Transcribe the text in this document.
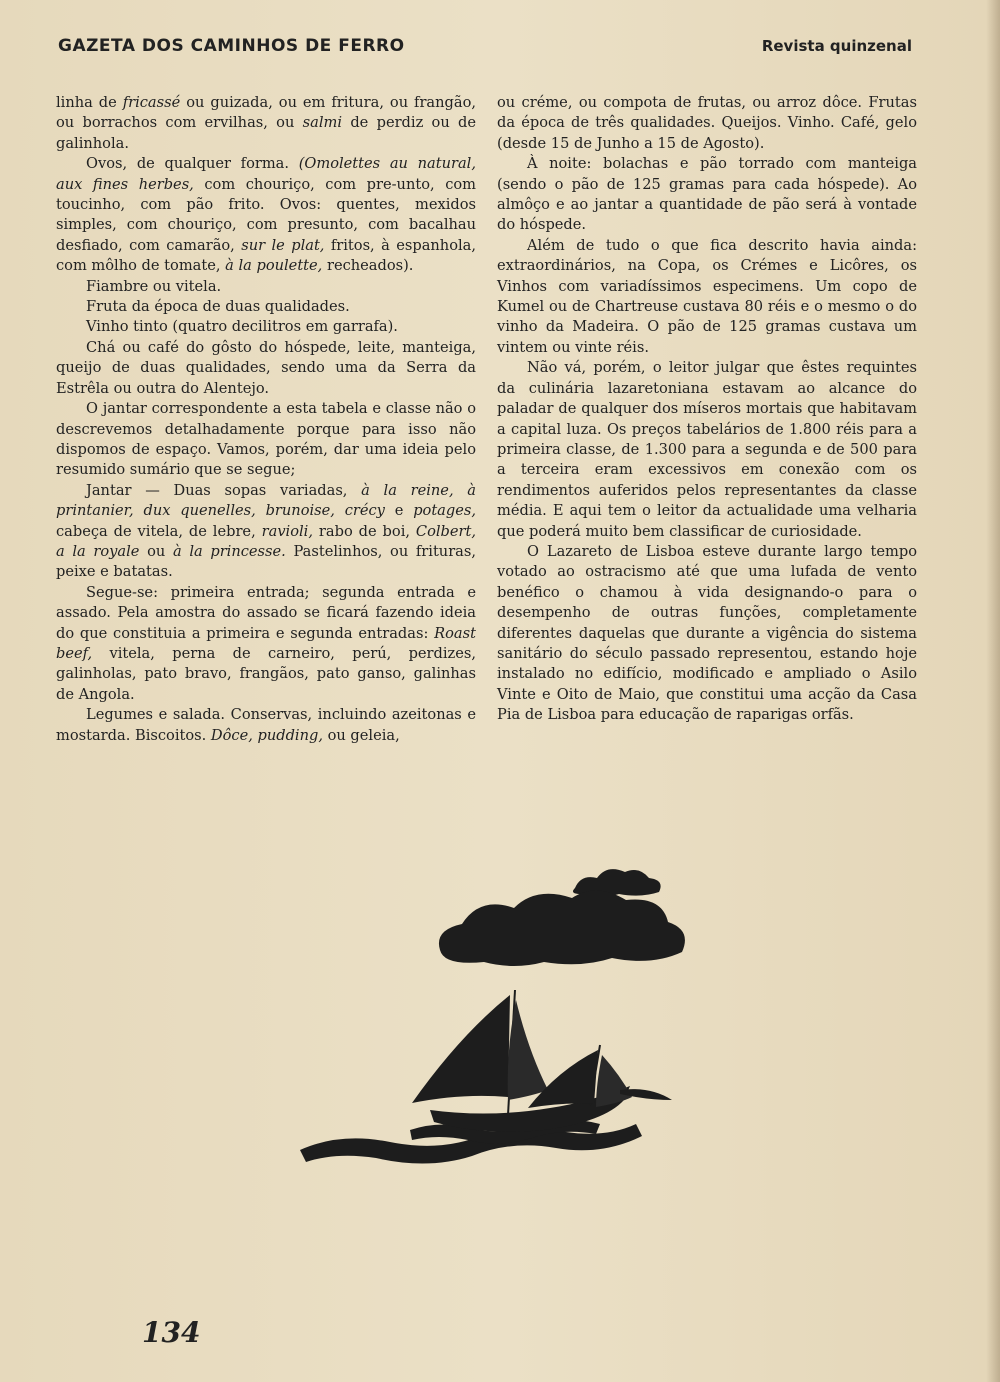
GAZETA DOS CAMINHOS DE FERRO	Revista quinzenal

linha de fricassé ou guizada, ou em fritura, ou frangão, ou borrachos com ervilhas, ou salmi de perdiz ou de galinhola.

Ovos, de qualquer forma. (Omolettes au natural, aux fines herbes, com chouriço, com pre-unto, com toucinho, com pão frito. Ovos: quentes, mexidos simples, com chouriço, com presunto, com bacalhau desfiado, com camarão, sur le plat, fritos, à espanhola, com môlho de tomate, à la poulette, recheados).

Fiambre ou vitela.

Fruta da época de duas qualidades.

Vinho tinto (quatro decilitros em garrafa).

Chá ou café do gôsto do hóspede, leite, manteiga, queijo de duas qualidades, sendo uma da Serra da Estrêla ou outra do Alentejo.

O jantar correspondente a esta tabela e classe não o descrevemos detalhadamente porque para isso não dispomos de espaço. Vamos, porém, dar uma ideia pelo resumido sumário que se segue;

Jantar — Duas sopas variadas, à la reine, à printanier, dux quenelles, brunoise, crécy e potages, cabeça de vitela, de lebre, ravioli, rabo de boi, Colbert, a la royale ou à la princesse. Pastelinhos, ou frituras, peixe e batatas.

Segue-se: primeira entrada; segunda entrada e assado. Pela amostra do assado se ficará fazendo ideia do que constituia a primeira e segunda entradas: Roast beef, vitela, perna de carneiro, perú, perdizes, galinholas, pato bravo, frangãos, pato ganso, galinhas de Angola.

Legumes e salada. Conservas, incluindo azeitonas e mostarda. Biscoitos. Dôce, pudding, ou geleia,

ou créme, ou compota de frutas, ou arroz dôce. Frutas da época de três qualidades. Queijos. Vinho. Café, gelo (desde 15 de Junho a 15 de Agosto).

À noite: bolachas e pão torrado com manteiga (sendo o pão de 125 gramas para cada hóspede). Ao almôço e ao jantar a quantidade de pão será à vontade do hóspede.

Além de tudo o que fica descrito havia ainda: extraordinários, na Copa, os Crémes e Licôres, os Vinhos com variadíssimos especimens. Um copo de Kumel ou de Chartreuse custava 80 réis e o mesmo o do vinho da Madeira. O pão de 125 gramas custava um vintem ou vinte réis.

Não vá, porém, o leitor julgar que êstes requintes da culinária lazaretoniana estavam ao alcance do paladar de qualquer dos míseros mortais que habitavam a capital luza. Os preços tabelários de 1.800 réis para a primeira classe, de 1.300 para a segunda e de 500 para a terceira eram excessivos em conexão com os rendimentos auferidos pelos representantes da classe média. E aqui tem o leitor da actualidade uma velharia que poderá muito bem classificar de curiosidade.

O Lazareto de Lisboa esteve durante largo tempo votado ao ostracismo até que uma lufada de vento benéfico o chamou à vida designando-o para o desempenho de outras funções, completamente diferentes daquelas que durante a vigência do sistema sanitário do século passado representou, estando hoje instalado no edifício, modificado e ampliado o Asilo Vinte e Oito de Maio, que constitui uma acção da Casa Pia de Lisboa para educação de raparigas orfãs.

134
